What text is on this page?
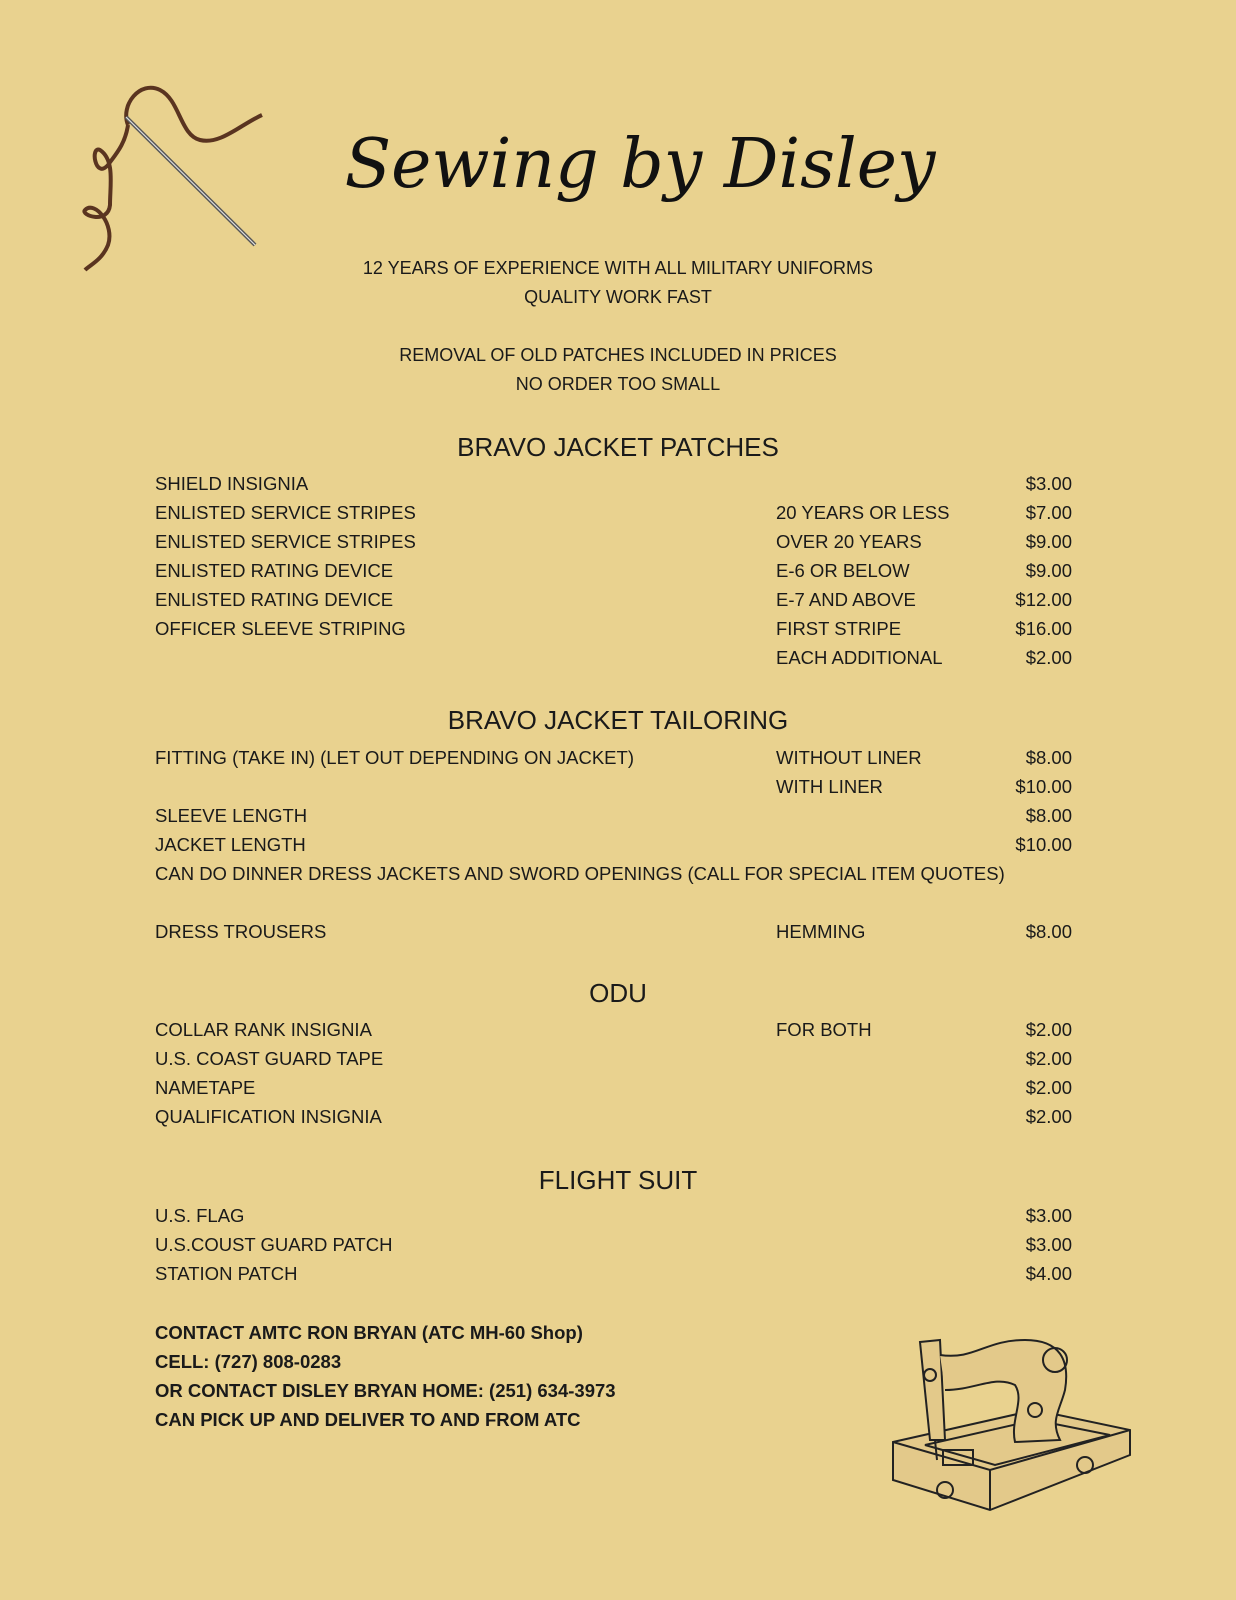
Sewing by Disley
12 YEARS OF EXPERIENCE WITH ALL MILITARY UNIFORMS
QUALITY WORK FAST
REMOVAL OF OLD PATCHES INCLUDED IN PRICES
NO ORDER TOO SMALL
BRAVO JACKET PATCHES
SHIELD INSIGNIA	$3.00
ENLISTED SERVICE STRIPES	20 YEARS OR LESS	$7.00
ENLISTED SERVICE STRIPES	OVER 20 YEARS	$9.00
ENLISTED RATING DEVICE	E-6 OR BELOW	$9.00
ENLISTED RATING DEVICE	E-7 AND ABOVE	$12.00
OFFICER SLEEVE STRIPING	FIRST STRIPE	$16.00
EACH ADDITIONAL	$2.00
BRAVO JACKET TAILORING
FITTING (TAKE IN) (LET OUT DEPENDING ON JACKET)	WITHOUT LINER	$8.00
WITH LINER	$10.00
SLEEVE LENGTH	$8.00
JACKET LENGTH	$10.00
CAN DO DINNER DRESS JACKETS AND SWORD OPENINGS (CALL FOR SPECIAL ITEM QUOTES)
DRESS TROUSERS	HEMMING	$8.00
ODU
COLLAR RANK INSIGNIA	FOR BOTH	$2.00
U.S. COAST GUARD TAPE	$2.00
NAMETAPE	$2.00
QUALIFICATION INSIGNIA	$2.00
FLIGHT SUIT
U.S. FLAG	$3.00
U.S.COUST GUARD PATCH	$3.00
STATION PATCH	$4.00
CONTACT AMTC RON BRYAN (ATC MH-60 Shop)
CELL: (727) 808-0283
OR CONTACT DISLEY BRYAN HOME: (251) 634-3973
CAN PICK UP AND DELIVER TO AND FROM ATC
